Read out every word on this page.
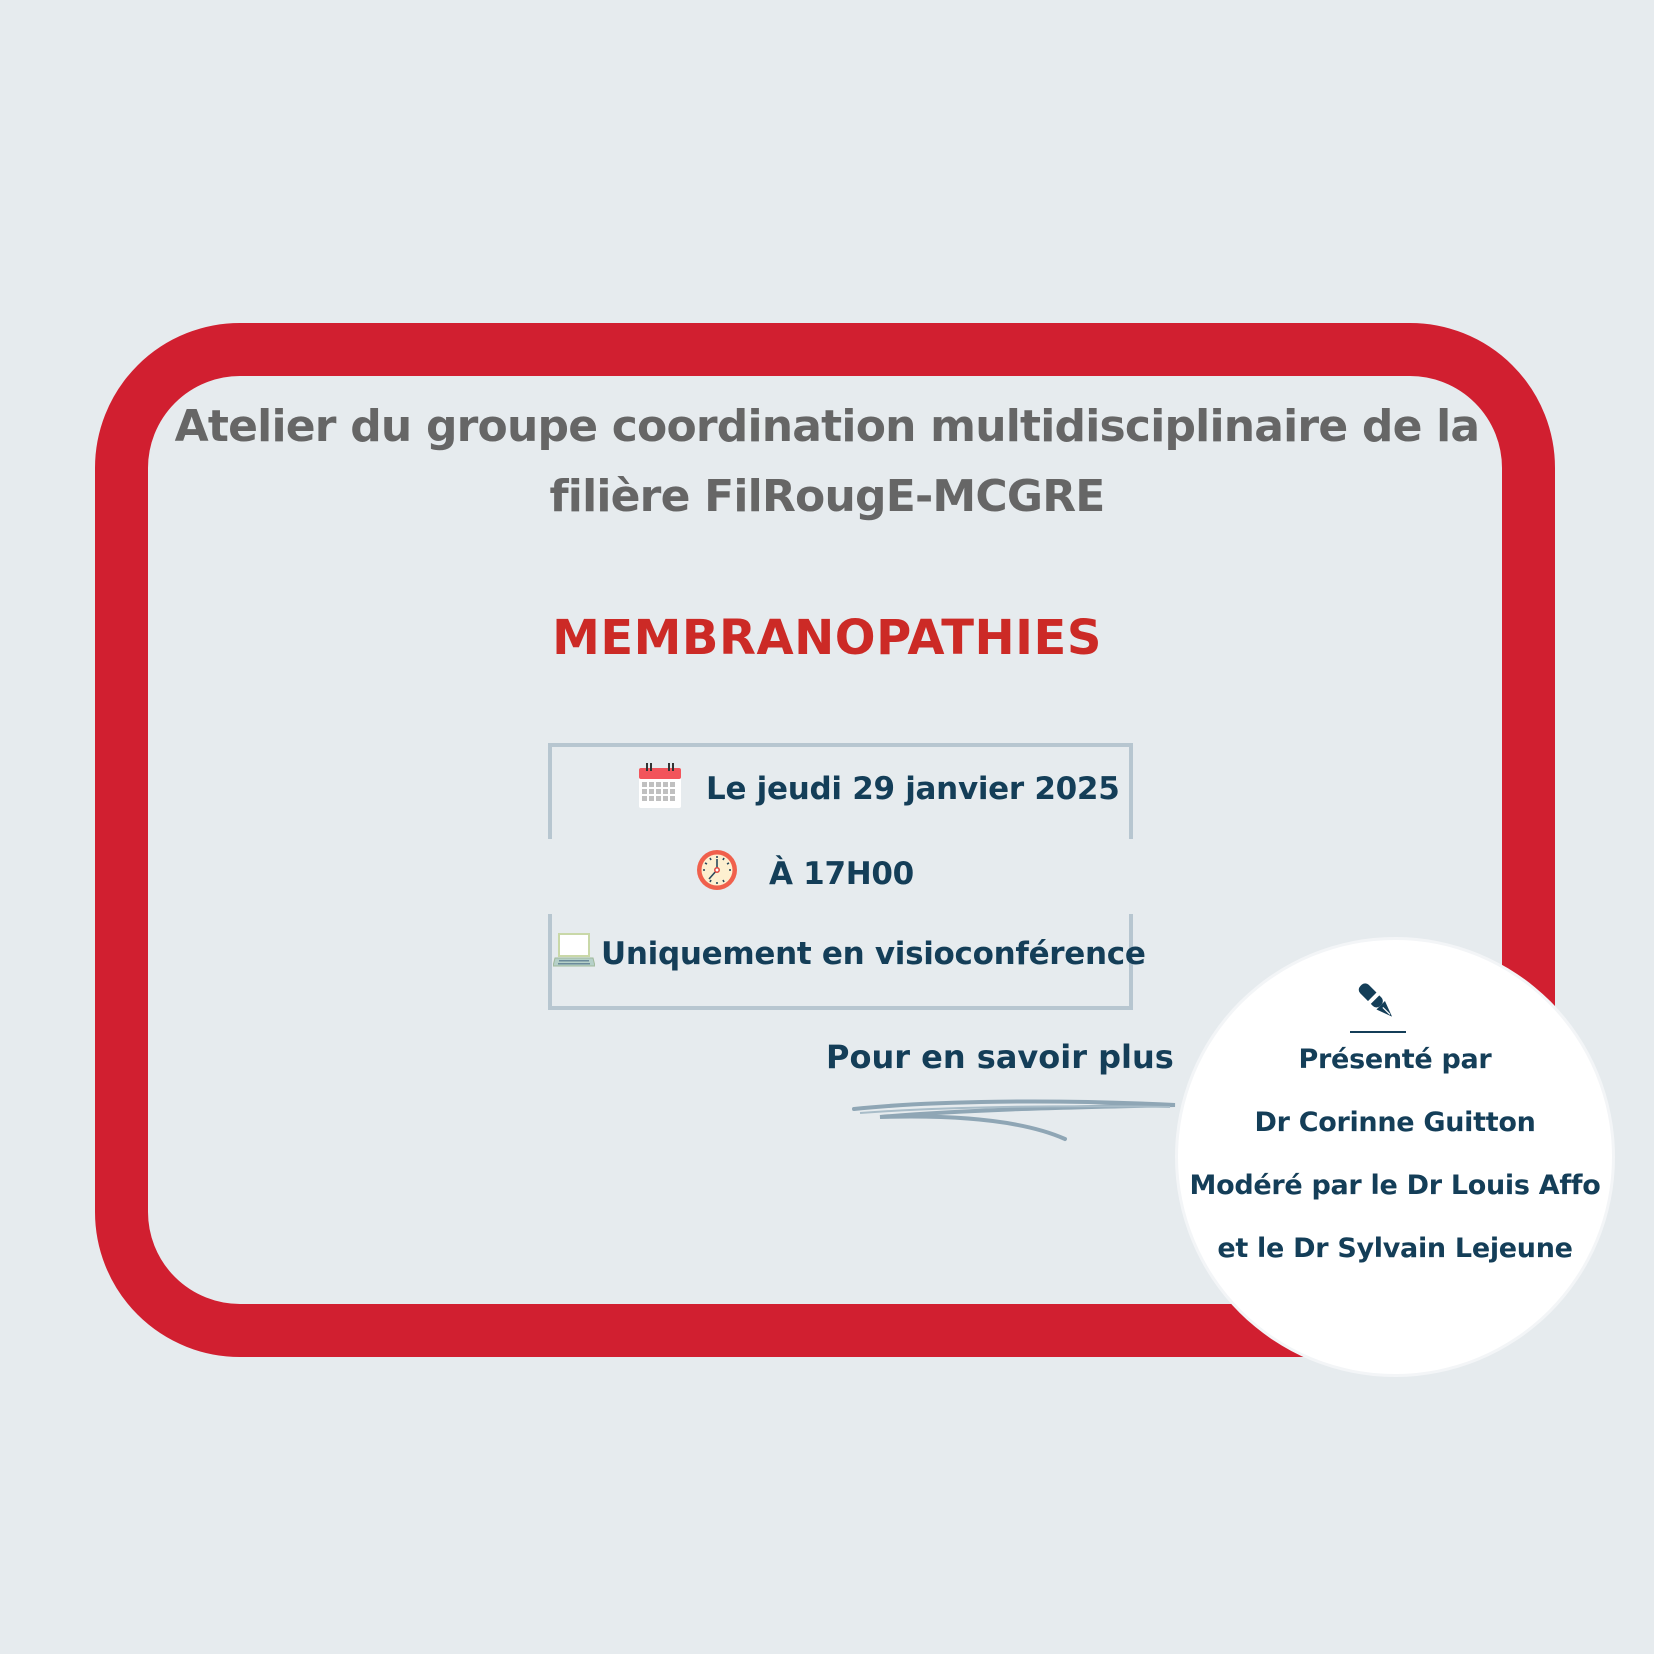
Atelier du groupe coordination multidisciplinaire de la
filière FilRougE-MCGRE
MEMBRANOPATHIES
Le jeudi 29 janvier 2025
À 17H00
Uniquement en visioconférence
Pour en savoir plus	Présenté par
Dr Corinne Guitton
Modéré par le Dr Louis Affo
et le Dr Sylvain Lejeune
